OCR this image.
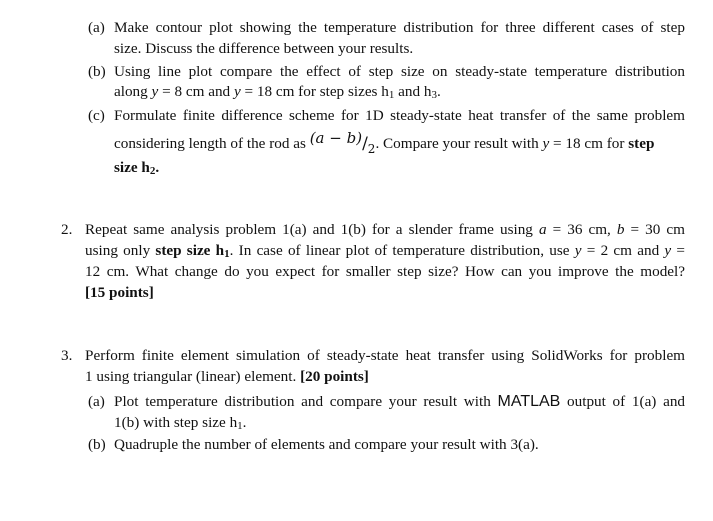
(a) Make contour plot showing the temperature distribution for three different cases of step
size. Discuss the difference between your results.
(b) Using line plot compare the effect of step size on steady-state temperature distribution
along y = 8 cm and y = 18 cm for step sizes h1 and h3.
(c) Formulate finite difference scheme for 1D steady-state heat transfer of the same problem
considering length of the rod as $(a - b)/_2$. Compare your result with y = 18 cm for step
size h2.
2. Repeat same analysis problem 1(a) and 1(b) for a slender frame using a = 36 cm, b = 30 cm
using only step size h1. In case of linear plot of temperature distribution, use y = 2 cm and y =
12 cm. What change do you expect for smaller step size? How can you improve the model?
[15 points]
3. Perform finite element simulation of steady-state heat transfer using SolidWorks for problem
1 using triangular (linear) element. [20 points]
(a) Plot temperature distribution and compare your result with MATLAB output of 1(a) and
1(b) with step size h1.
(b) Quadruple the number of elements and compare your result with 3(a).
